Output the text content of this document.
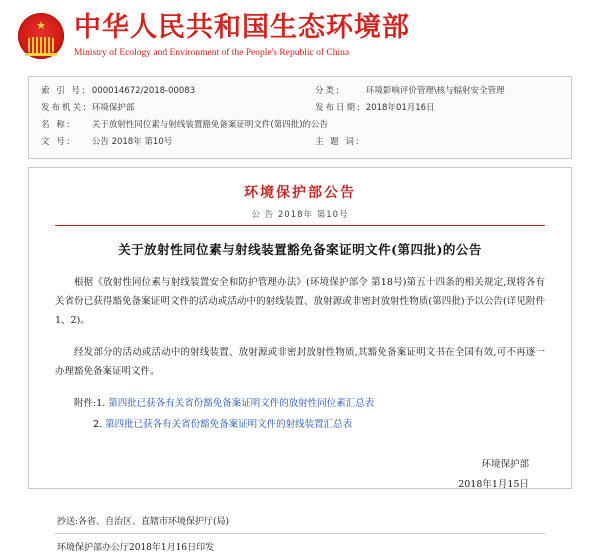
★ 中华人民共和国生态环境部
Ministry of Ecology and Environment of the People's Republic of China
索 引 号:	000014672/2018-00083	分类:	环境影响评价管理\核与辐射安全管理
发布机关:	环境保护部	发布日期:	2018年01月16日
名 称:	关于放射性同位素与射线装置豁免备案证明文件(第四批)的公告		
文 号:	公告 2018年 第10号	主 题 词:	
环境保护部公告
公 告 2018年 第10号
关于放射性同位素与射线装置豁免备案证明文件(第四批)的公告
根据《放射性同位素与射线装置安全和防护管理办法》(环境保护部令 第18号)第五十四条的相关规定,现将各有关省份已获得豁免备案证明文件的活动或活动中的射线装置、放射源或非密封放射性物质(第四批)予以公告(详见附件1、2)。
经发部分的活动或活动中的射线装置、放射源或非密封放射性物质,其豁免备案证明文书在全国有效,可不再逐一办理豁免备案证明文件。
附件:1. 第四批已获各有关省份豁免备案证明文件的放射性同位素汇总表
2. 第四批已获各有关省份豁免备案证明文件的射线装置汇总表
环境保护部
2018年1月15日
抄送:各省、自治区、直辖市环境保护厅(局)
环境保护部办公厅2018年1月16日印发
